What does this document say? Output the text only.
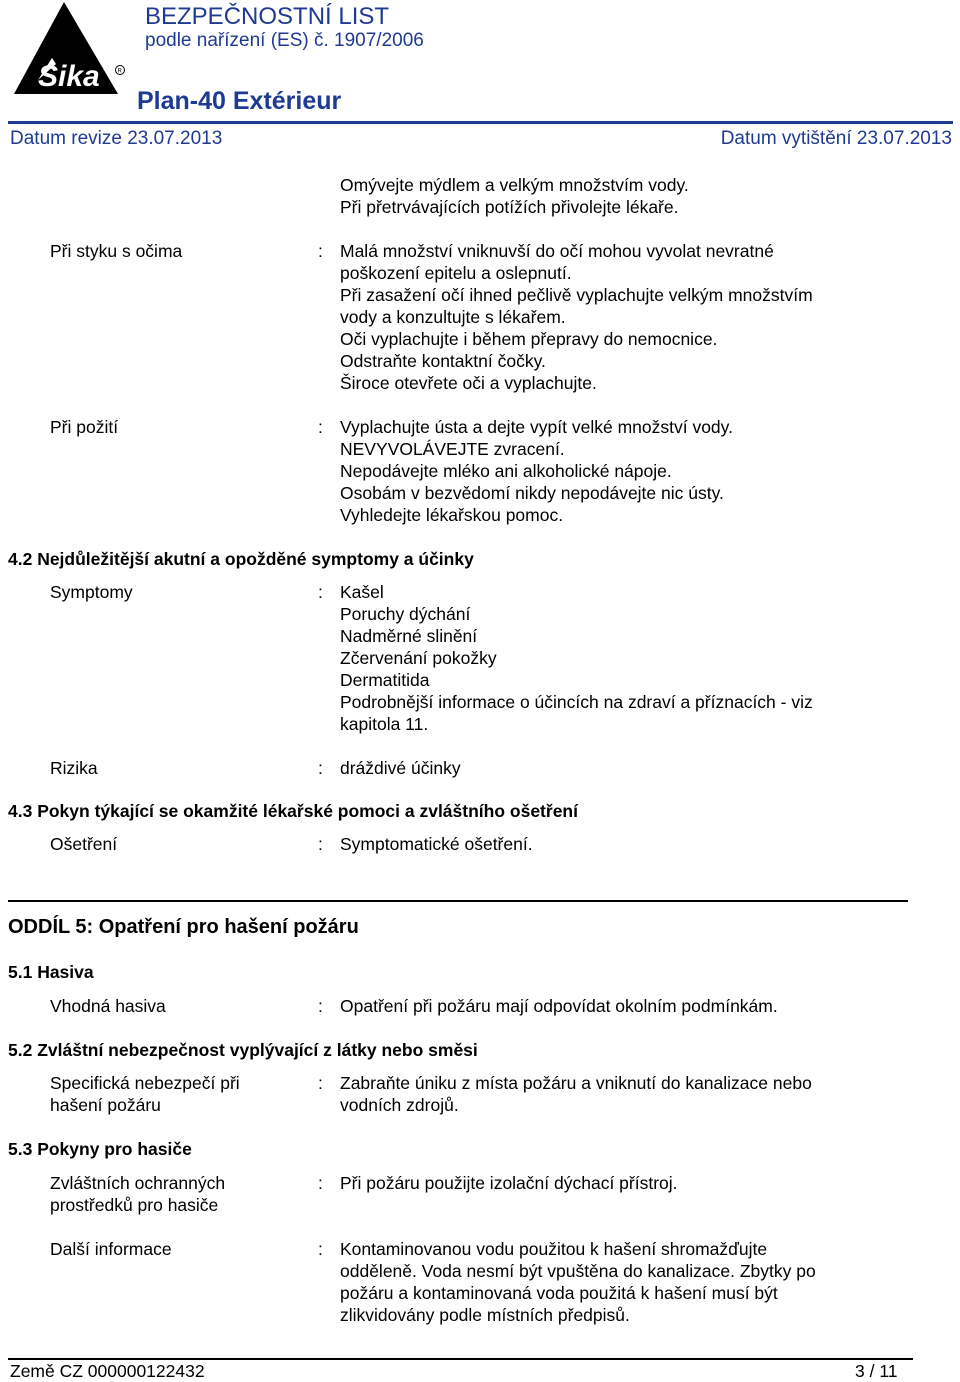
Sika	R
BEZPEČNOSTNÍ LIST
podle nařízení (ES) č. 1907/2006
Plan-40 Extérieur
Datum revize 23.07.2013	Datum vytištění 23.07.2013
Omývejte mýdlem a velkým množstvím vody.
Při přetrvávajících potížích přivolejte lékaře.
Při styku s očima	: Malá množství vniknuvší do očí mohou vyvolat nevratné
poškození epitelu a oslepnutí.
Při zasažení očí ihned pečlivě vyplachujte velkým množstvím
vody a konzultujte s lékařem.
Oči vyplachujte i během přepravy do nemocnice.
Odstraňte kontaktní čočky.
Široce otevřete oči a vyplachujte.
Při požití	: Vyplachujte ústa a dejte vypít velké množství vody.
NEVYVOLÁVEJTE zvracení.
Nepodávejte mléko ani alkoholické nápoje.
Osobám v bezvědomí nikdy nepodávejte nic ústy.
Vyhledejte lékařskou pomoc.
4.2 Nejdůležitější akutní a opožděné symptomy a účinky
Symptomy	: Kašel
Poruchy dýchání
Nadměrné slinění
Zčervenání pokožky
Dermatitida
Podrobnější informace o účincích na zdraví a příznacích - viz
kapitola 11.
Rizika	: dráždivé účinky
4.3 Pokyn týkající se okamžité lékařské pomoci a zvláštního ošetření
Ošetření	: Symptomatické ošetření.
ODDÍL 5: Opatření pro hašení požáru
5.1 Hasiva
Vhodná hasiva	: Opatření při požáru mají odpovídat okolním podmínkám.
5.2 Zvláštní nebezpečnost vyplývající z látky nebo směsi
Specifická nebezpečí při
hašení požáru
: Zabraňte úniku z místa požáru a vniknutí do kanalizace nebo
vodních zdrojů.
5.3 Pokyny pro hasiče
Zvláštních ochranných
prostředků pro hasiče
: Při požáru použijte izolační dýchací přístroj.
Další informace	: Kontaminovanou vodu použitou k hašení shromažďujte
odděleně. Voda nesmí být vpuštěna do kanalizace. Zbytky po
požáru a kontaminovaná voda použitá k hašení musí být
zlikvidovány podle místních předpisů.
Země CZ 000000122432	3 / 11
